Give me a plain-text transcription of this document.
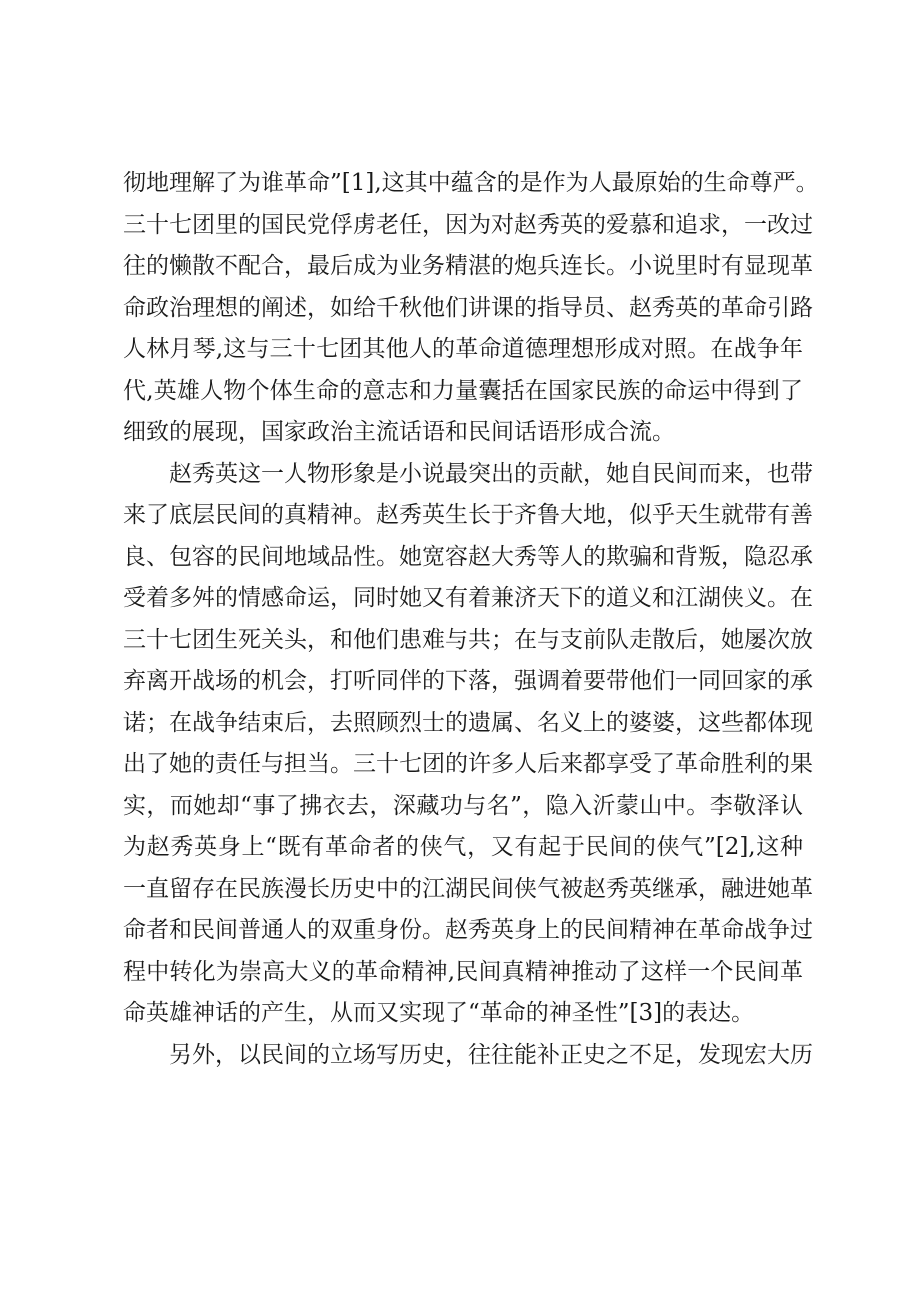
彻地理解了为谁革命”[1],这其中蕴含的是作为人最原始的生命尊严。
三十七团里的国民党俘虏老任，因为对赵秀英的爱慕和追求，一改过
往的懒散不配合，最后成为业务精湛的炮兵连长。小说里时有显现革
命政治理想的阐述，如给千秋他们讲课的指导员、赵秀英的革命引路
人林月琴,这与三十七团其他人的革命道德理想形成对照。在战争年
代,英雄人物个体生命的意志和力量囊括在国家民族的命运中得到了
细致的展现，国家政治主流话语和民间话语形成合流。
赵秀英这一人物形象是小说最突出的贡献，她自民间而来，也带
来了底层民间的真精神。赵秀英生长于齐鲁大地，似乎天生就带有善
良、包容的民间地域品性。她宽容赵大秀等人的欺骗和背叛，隐忍承
受着多舛的情感命运，同时她又有着兼济天下的道义和江湖侠义。在
三十七团生死关头，和他们患难与共；在与支前队走散后，她屡次放
弃离开战场的机会，打听同伴的下落，强调着要带他们一同回家的承
诺；在战争结束后，去照顾烈士的遗属、名义上的婆婆，这些都体现
出了她的责任与担当。三十七团的许多人后来都享受了革命胜利的果
实，而她却“事了拂衣去，深藏功与名”，隐入沂蒙山中。李敬泽认
为赵秀英身上“既有革命者的侠气，又有起于民间的侠气”[2],这种
一直留存在民族漫长历史中的江湖民间侠气被赵秀英继承，融进她革
命者和民间普通人的双重身份。赵秀英身上的民间精神在革命战争过
程中转化为崇高大义的革命精神,民间真精神推动了这样一个民间革
命英雄神话的产生，从而又实现了“革命的神圣性”[3]的表达。
另外，以民间的立场写历史，往往能补正史之不足，发现宏大历
